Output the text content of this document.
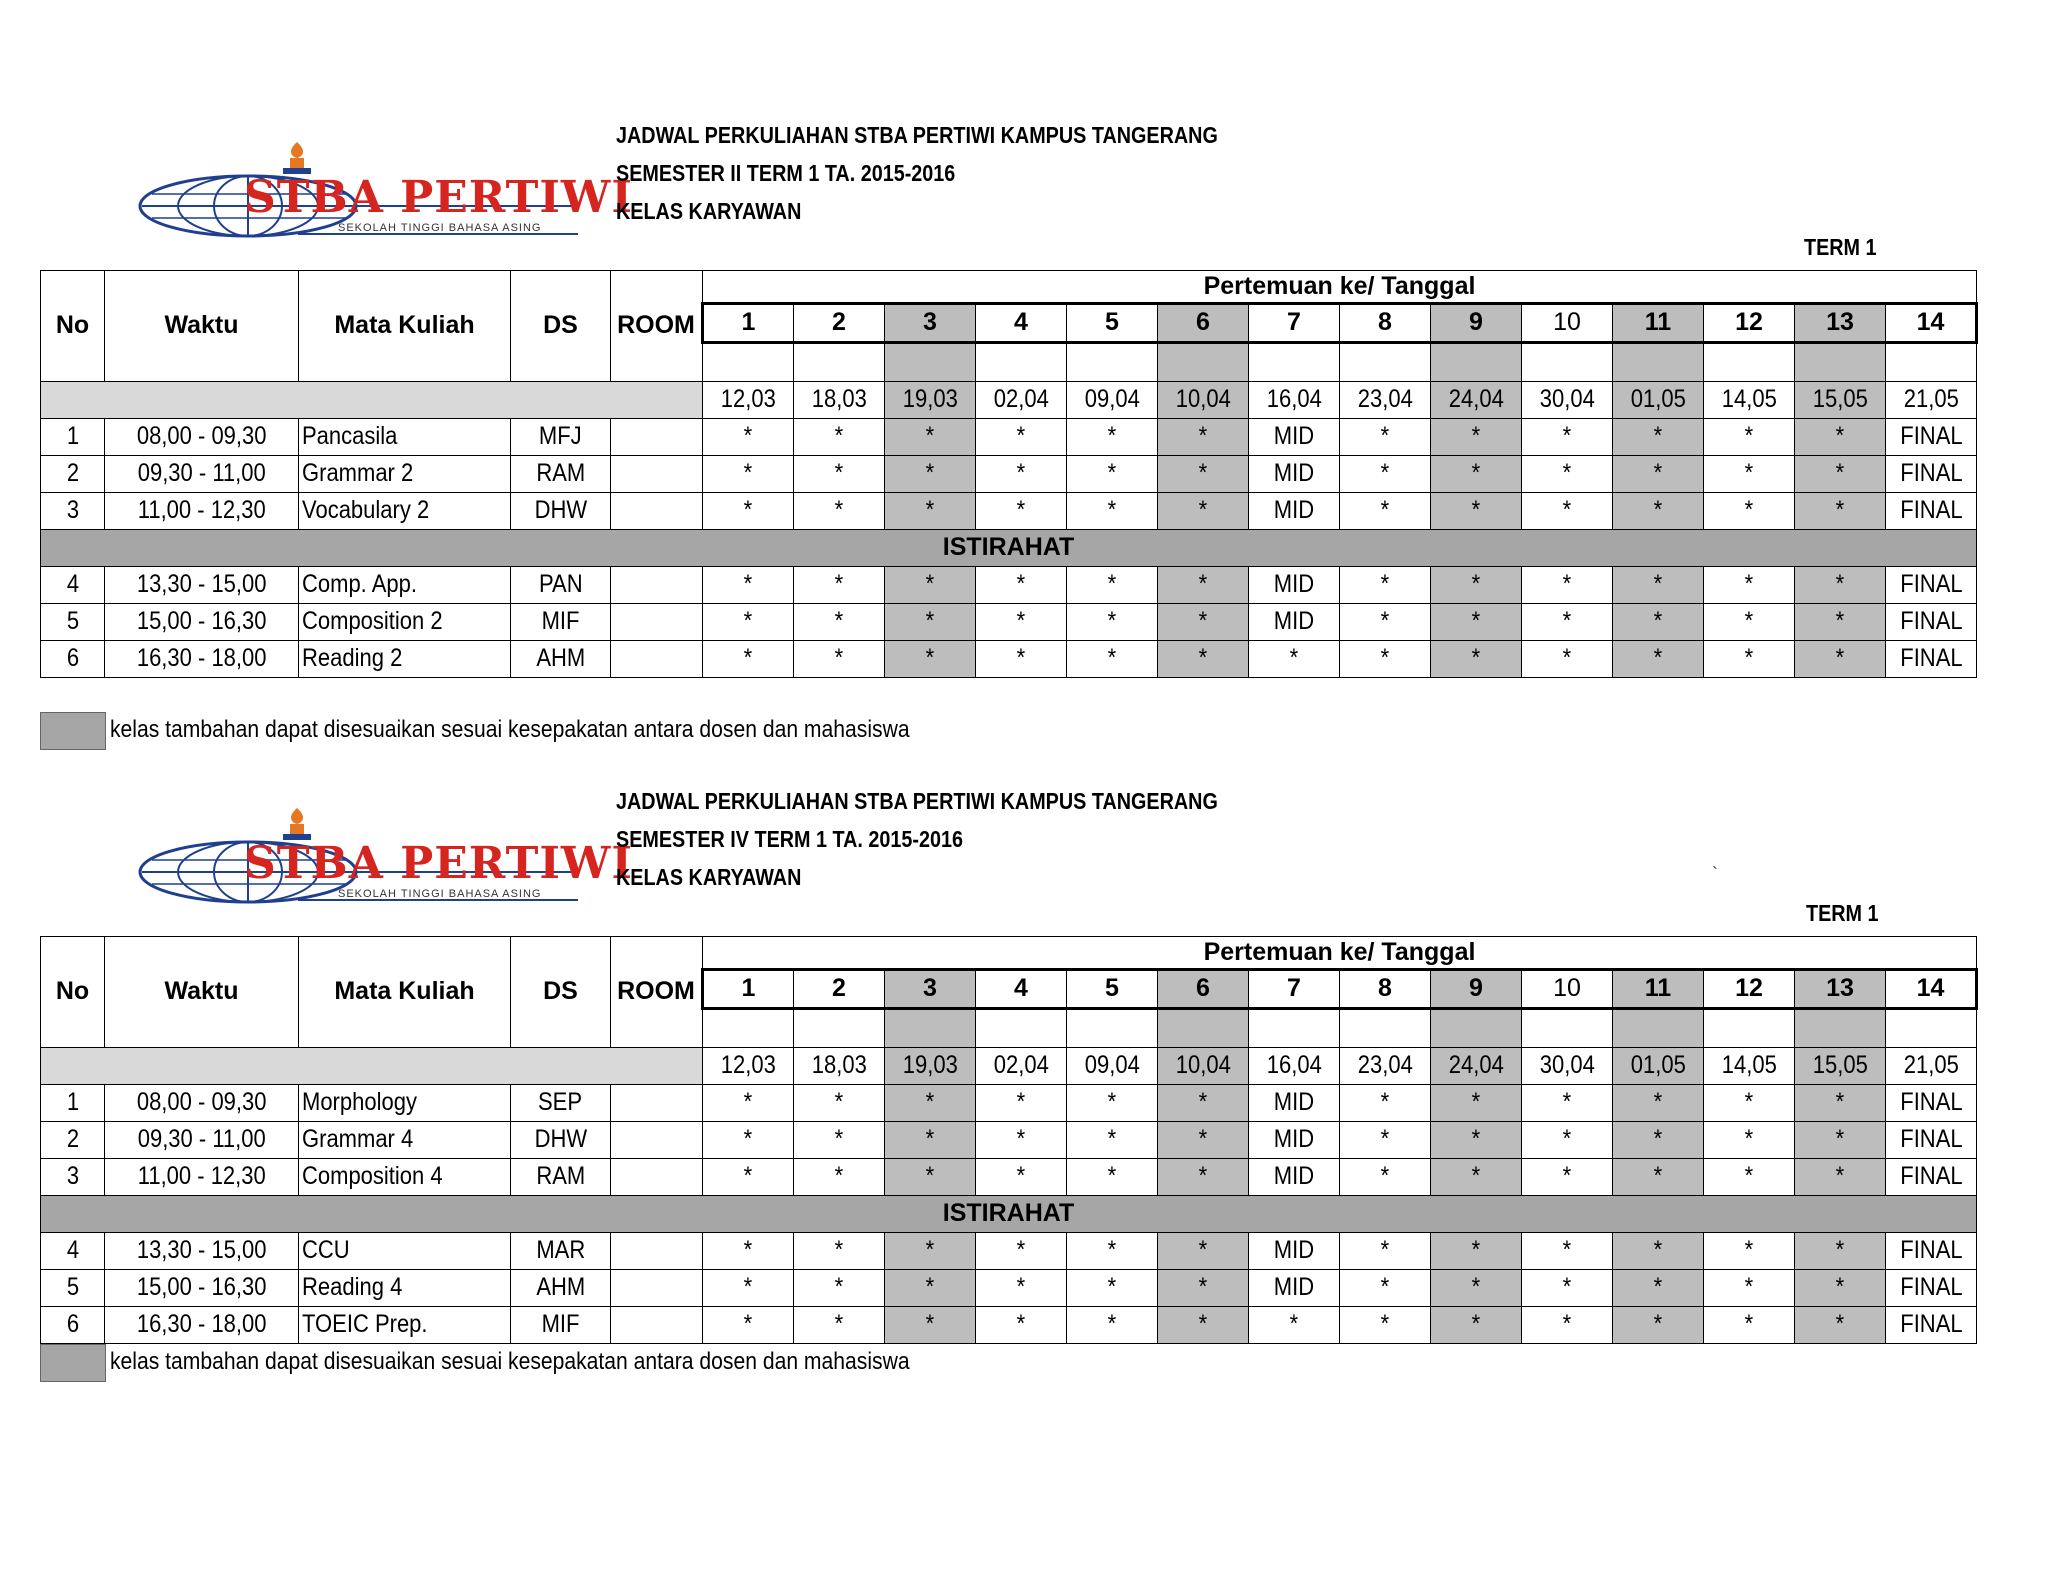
STBA PERTIWI
SEKOLAH TINGGI BAHASA ASING
JADWAL PERKULIAHAN STBA PERTIWI KAMPUS TANGERANG
SEMESTER II TERM 1 TA. 2015-2016
KELAS KARYAWAN
TERM 1
No	Waktu	Mata Kuliah	DS	ROOM	Pertemuan ke/ Tanggal													
					1	2	3	4	5	6	7	8	9	10	11	12	13	14

					12,03	18,03	19,03	02,04	09,04	10,04	16,04	23,04	24,04	30,04	01,05	14,05	15,05	21,05
1	08,00 - 09,30	Pancasila	MFJ		*	*	*	*	*	*	MID	*	*	*	*	*	*	FINAL
2	09,30 - 11,00	Grammar 2	RAM		*	*	*	*	*	*	MID	*	*	*	*	*	*	FINAL
3	11,00 - 12,30	Vocabulary 2	DHW		*	*	*	*	*	*	MID	*	*	*	*	*	*	FINAL
ISTIRAHAT																		
4	13,30 - 15,00	Comp. App.	PAN		*	*	*	*	*	*	MID	*	*	*	*	*	*	FINAL
5	15,00 - 16,30	Composition 2	MIF		*	*	*	*	*	*	MID	*	*	*	*	*	*	FINAL
6	16,30 - 18,00	Reading 2	AHM		*	*	*	*	*	*	*	*	*	*	*	*	*	FINAL
kelas tambahan dapat disesuaikan sesuai kesepakatan antara dosen dan mahasiswa
STBA PERTIWI
SEKOLAH TINGGI BAHASA ASING
JADWAL PERKULIAHAN STBA PERTIWI KAMPUS TANGERANG
SEMESTER IV TERM 1 TA. 2015-2016
KELAS KARYAWAN
TERM 1
`
No	Waktu	Mata Kuliah	DS	ROOM	Pertemuan ke/ Tanggal													
					1	2	3	4	5	6	7	8	9	10	11	12	13	14

					12,03	18,03	19,03	02,04	09,04	10,04	16,04	23,04	24,04	30,04	01,05	14,05	15,05	21,05
1	08,00 - 09,30	Morphology	SEP		*	*	*	*	*	*	MID	*	*	*	*	*	*	FINAL
2	09,30 - 11,00	Grammar 4	DHW		*	*	*	*	*	*	MID	*	*	*	*	*	*	FINAL
3	11,00 - 12,30	Composition 4	RAM		*	*	*	*	*	*	MID	*	*	*	*	*	*	FINAL
ISTIRAHAT																		
4	13,30 - 15,00	CCU	MAR		*	*	*	*	*	*	MID	*	*	*	*	*	*	FINAL
5	15,00 - 16,30	Reading 4	AHM		*	*	*	*	*	*	MID	*	*	*	*	*	*	FINAL
6	16,30 - 18,00	TOEIC Prep.	MIF		*	*	*	*	*	*	*	*	*	*	*	*	*	FINAL
kelas tambahan dapat disesuaikan sesuai kesepakatan antara dosen dan mahasiswa
